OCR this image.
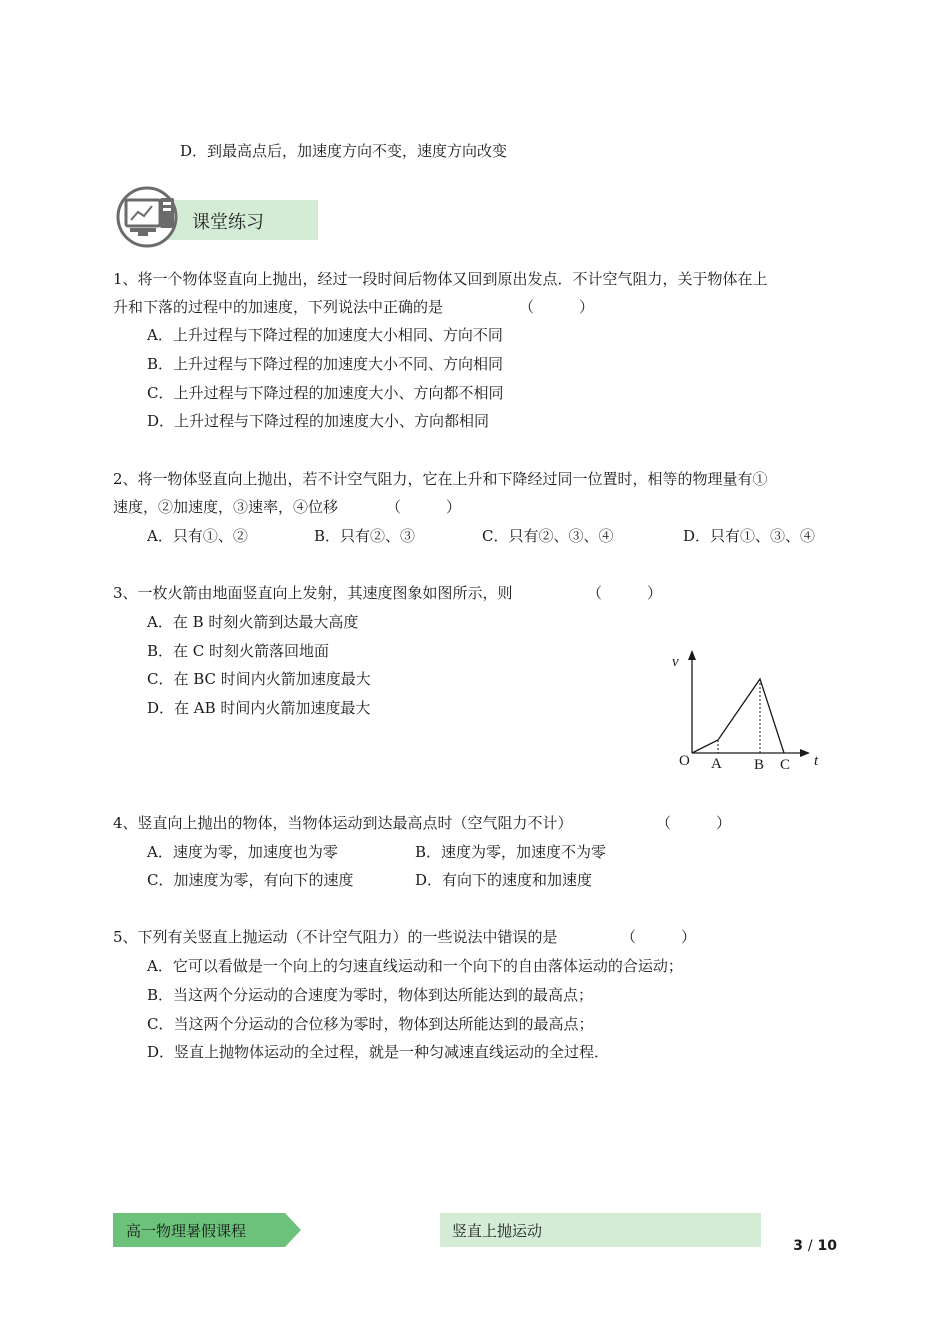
D．到最高点后，加速度方向不变，速度方向改变
课堂练习
1、将一个物体竖直向上抛出，经过一段时间后物体又回到原出发点．不计空气阻力，关于物体在上
升和下落的过程中的加速度，下列说法中正确的是	（　　　）
A．上升过程与下降过程的加速度大小相同、方向不同
B．上升过程与下降过程的加速度大小不同、方向相同
C．上升过程与下降过程的加速度大小、方向都不相同
D．上升过程与下降过程的加速度大小、方向都相同
2、将一物体竖直向上抛出，若不计空气阻力，它在上升和下降经过同一位置时，相等的物理量有①
速度，②加速度，③速率，④位移	（　　　）
A．只有①、②	B．只有②、③	C．只有②、③、④	D．只有①、③、④
3、一枚火箭由地面竖直向上发射，其速度图象如图所示，则	（　　　）
A．在 B 时刻火箭到达最大高度
B．在 C 时刻火箭落回地面
C．在 BC 时间内火箭加速度最大
D．在 AB 时间内火箭加速度最大
v
t
O A B C
4、竖直向上抛出的物体，当物体运动到达最高点时（空气阻力不计）	（　　　）
A．速度为零，加速度也为零	B．速度为零，加速度不为零
C．加速度为零，有向下的速度	D．有向下的速度和加速度
5、下列有关竖直上抛运动（不计空气阻力）的一些说法中错误的是	（　　　）
A．它可以看做是一个向上的匀速直线运动和一个向下的自由落体运动的合运动；
B．当这两个分运动的合速度为零时，物体到达所能达到的最高点；
C．当这两个分运动的合位移为零时，物体到达所能达到的最高点；
D．竖直上抛物体运动的全过程，就是一种匀减速直线运动的全过程．
高一物理暑假课程	竖直上抛运动
3 / 10
